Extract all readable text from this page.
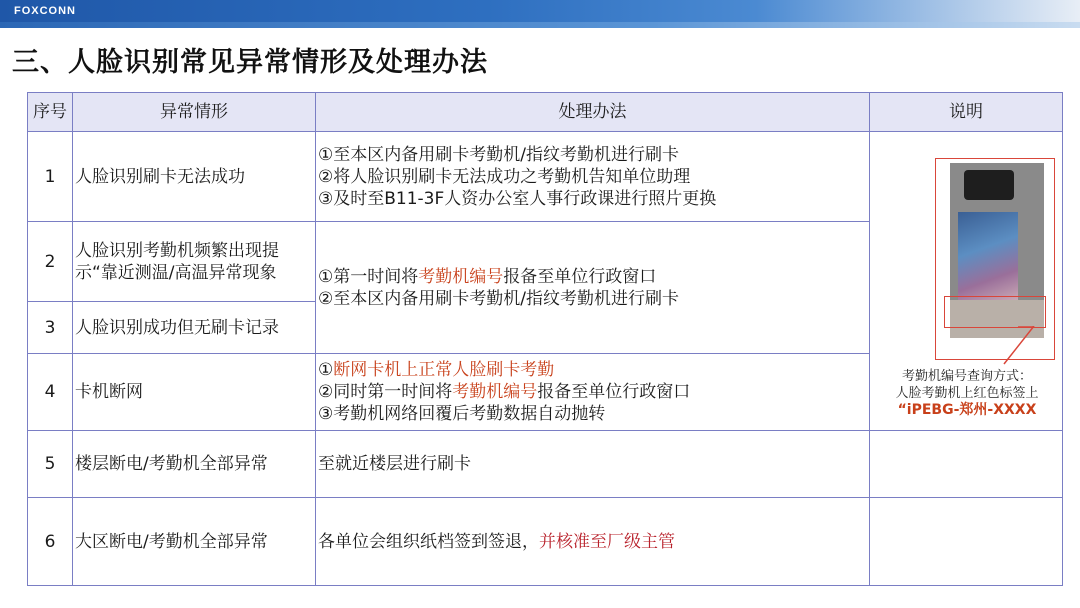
FOXCONN
三、人脸识别常见异常情形及处理办法
序号	异常情形	处理办法	说明
1	人脸识别刷卡无法成功	①至本区内备用刷卡考勤机/指纹考勤机进行刷卡
②将人脸识别刷卡无法成功之考勤机告知单位助理
③及时至B11-3F人资办公室人事行政课进行照片更换	

2	人脸识别考勤机频繁出现提示“靠近测温/高温异常现象	①第一时间将考勤机编号报备至单位行政窗口
②至本区内备用刷卡考勤机/指纹考勤机进行刷卡	

3	人脸识别成功但无刷卡记录		
4	卡机断网	①断网卡机上正常人脸刷卡考勤
②同时第一时间将考勤机编号报备至单位行政窗口
③考勤机网络回覆后考勤数据自动抛转	

5	楼层断电/考勤机全部异常	至就近楼层进行刷卡	
6	大区断电/考勤机全部异常	各单位会组织纸档签到签退，并核准至厂级主管	
考勤机编号查询方式：
人脸考勤机上红色标签上
“iPEBG-郑州-XXXX
